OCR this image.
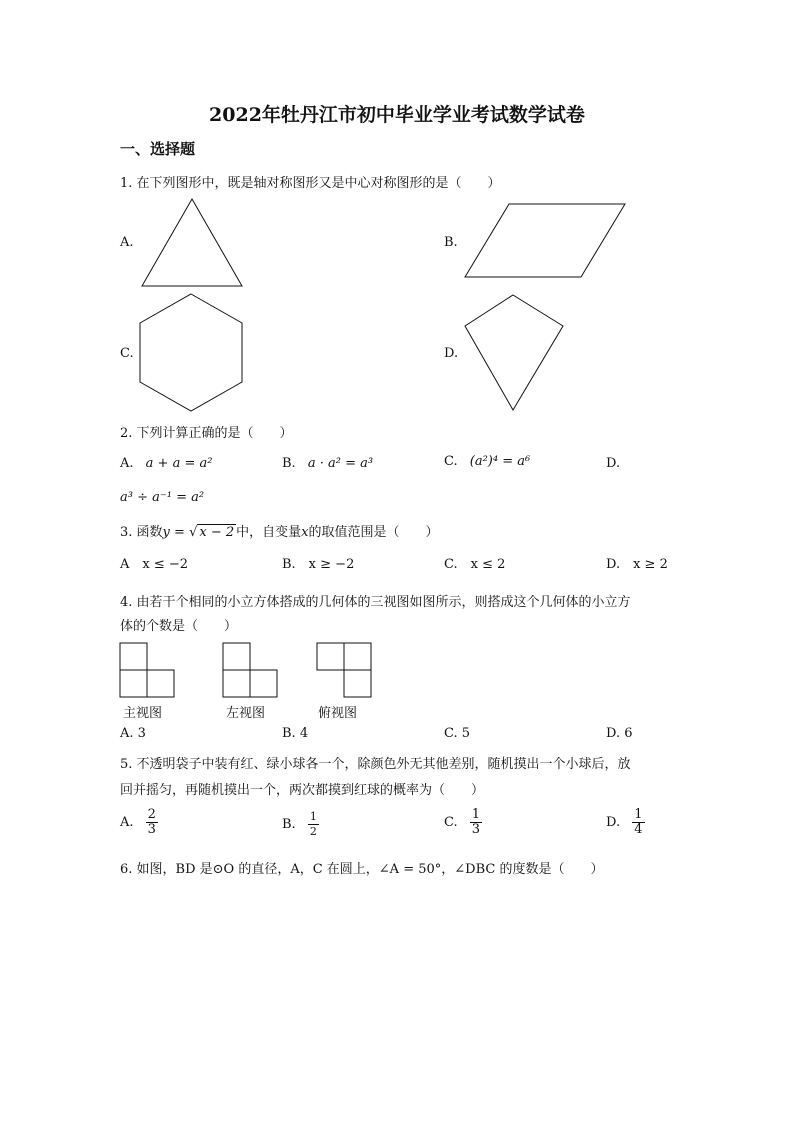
2022年牡丹江市初中毕业学业考试数学试卷
一、选择题
1. 在下列图形中，既是轴对称图形又是中心对称图形的是（　　）
A.	B.
C.	D.
2. 下列计算正确的是（　　）
A. a + a = a²	B. a · a² = a³	C. (a²)⁴ = a⁶	D.
a³ ÷ a⁻¹ = a²
3. 函数y = √ x − 2 中，自变量x的取值范围是（　　）
A　x ≤ −2	B.　x ≥ −2	C.　x ≤ 2	D.　x ≥ 2
4. 由若干个相同的小立方体搭成的几何体的三视图如图所示，则搭成这个几何体的小立方
体的个数是（　　）
主视图	左视图	俯视图
A. 3	B. 4	C. 5	D. 6
5. 不透明袋子中装有红、绿小球各一个，除颜色外无其他差别，随机摸出一个小球后，放
回并摇匀，再随机摸出一个，两次都摸到红球的概率为（　　）
A. $\frac{2}{3}$	B. $\frac{1}{2}$	C. $\frac{1}{3}$	D. $\frac{1}{4}$
6. 如图，BD 是⊙O 的直径，A，C 在圆上，∠A = 50°，∠DBC 的度数是（　　）
